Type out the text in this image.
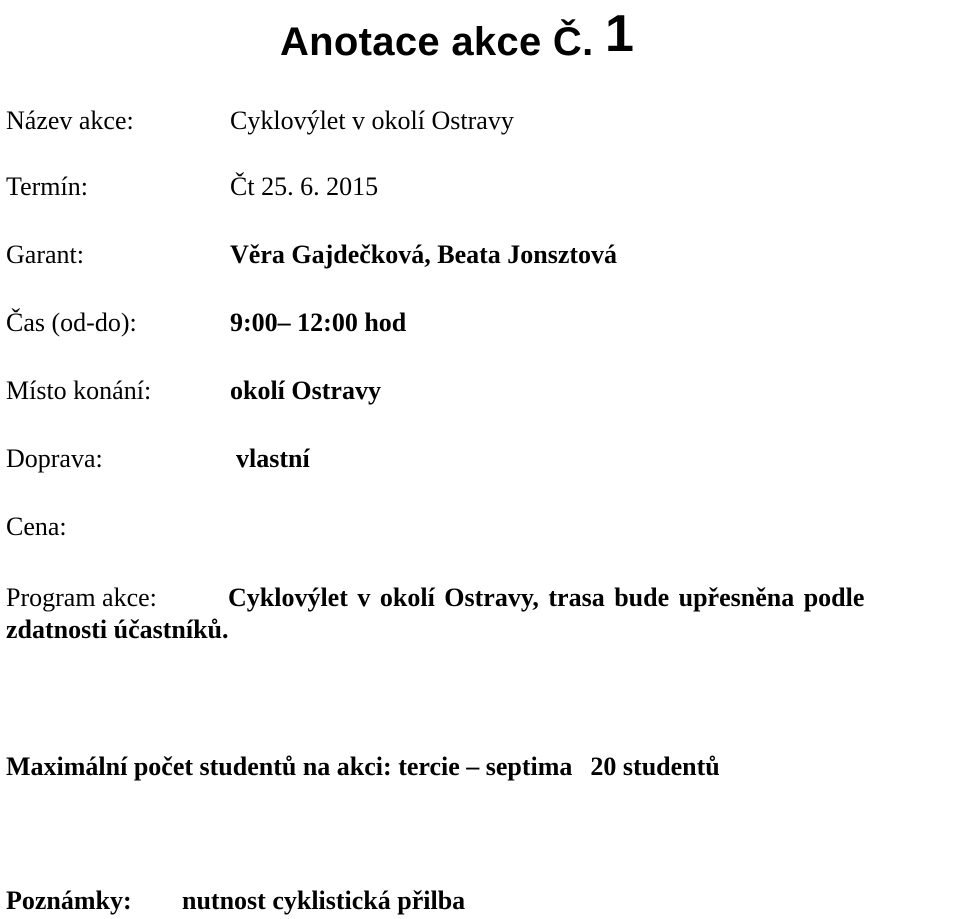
Anotace akce Č. 1
Název akce:	Cyklovýlet v okolí Ostravy
Termín:	Čt 25. 6. 2015
Garant:	Věra Gajdečková, Beata Jonsztová
Čas (od-do):	9:00– 12:00 hod
Místo konání:	okolí Ostravy
Doprava:	vlastní
Cena:
Program akce:	Cyklovýlet v okolí Ostravy, trasa bude upřesněna podle
zdatnosti účastníků.
Maximální počet studentů na akci: tercie – septima 20 studentů
Poznámky: nutnost cyklistická přilba
